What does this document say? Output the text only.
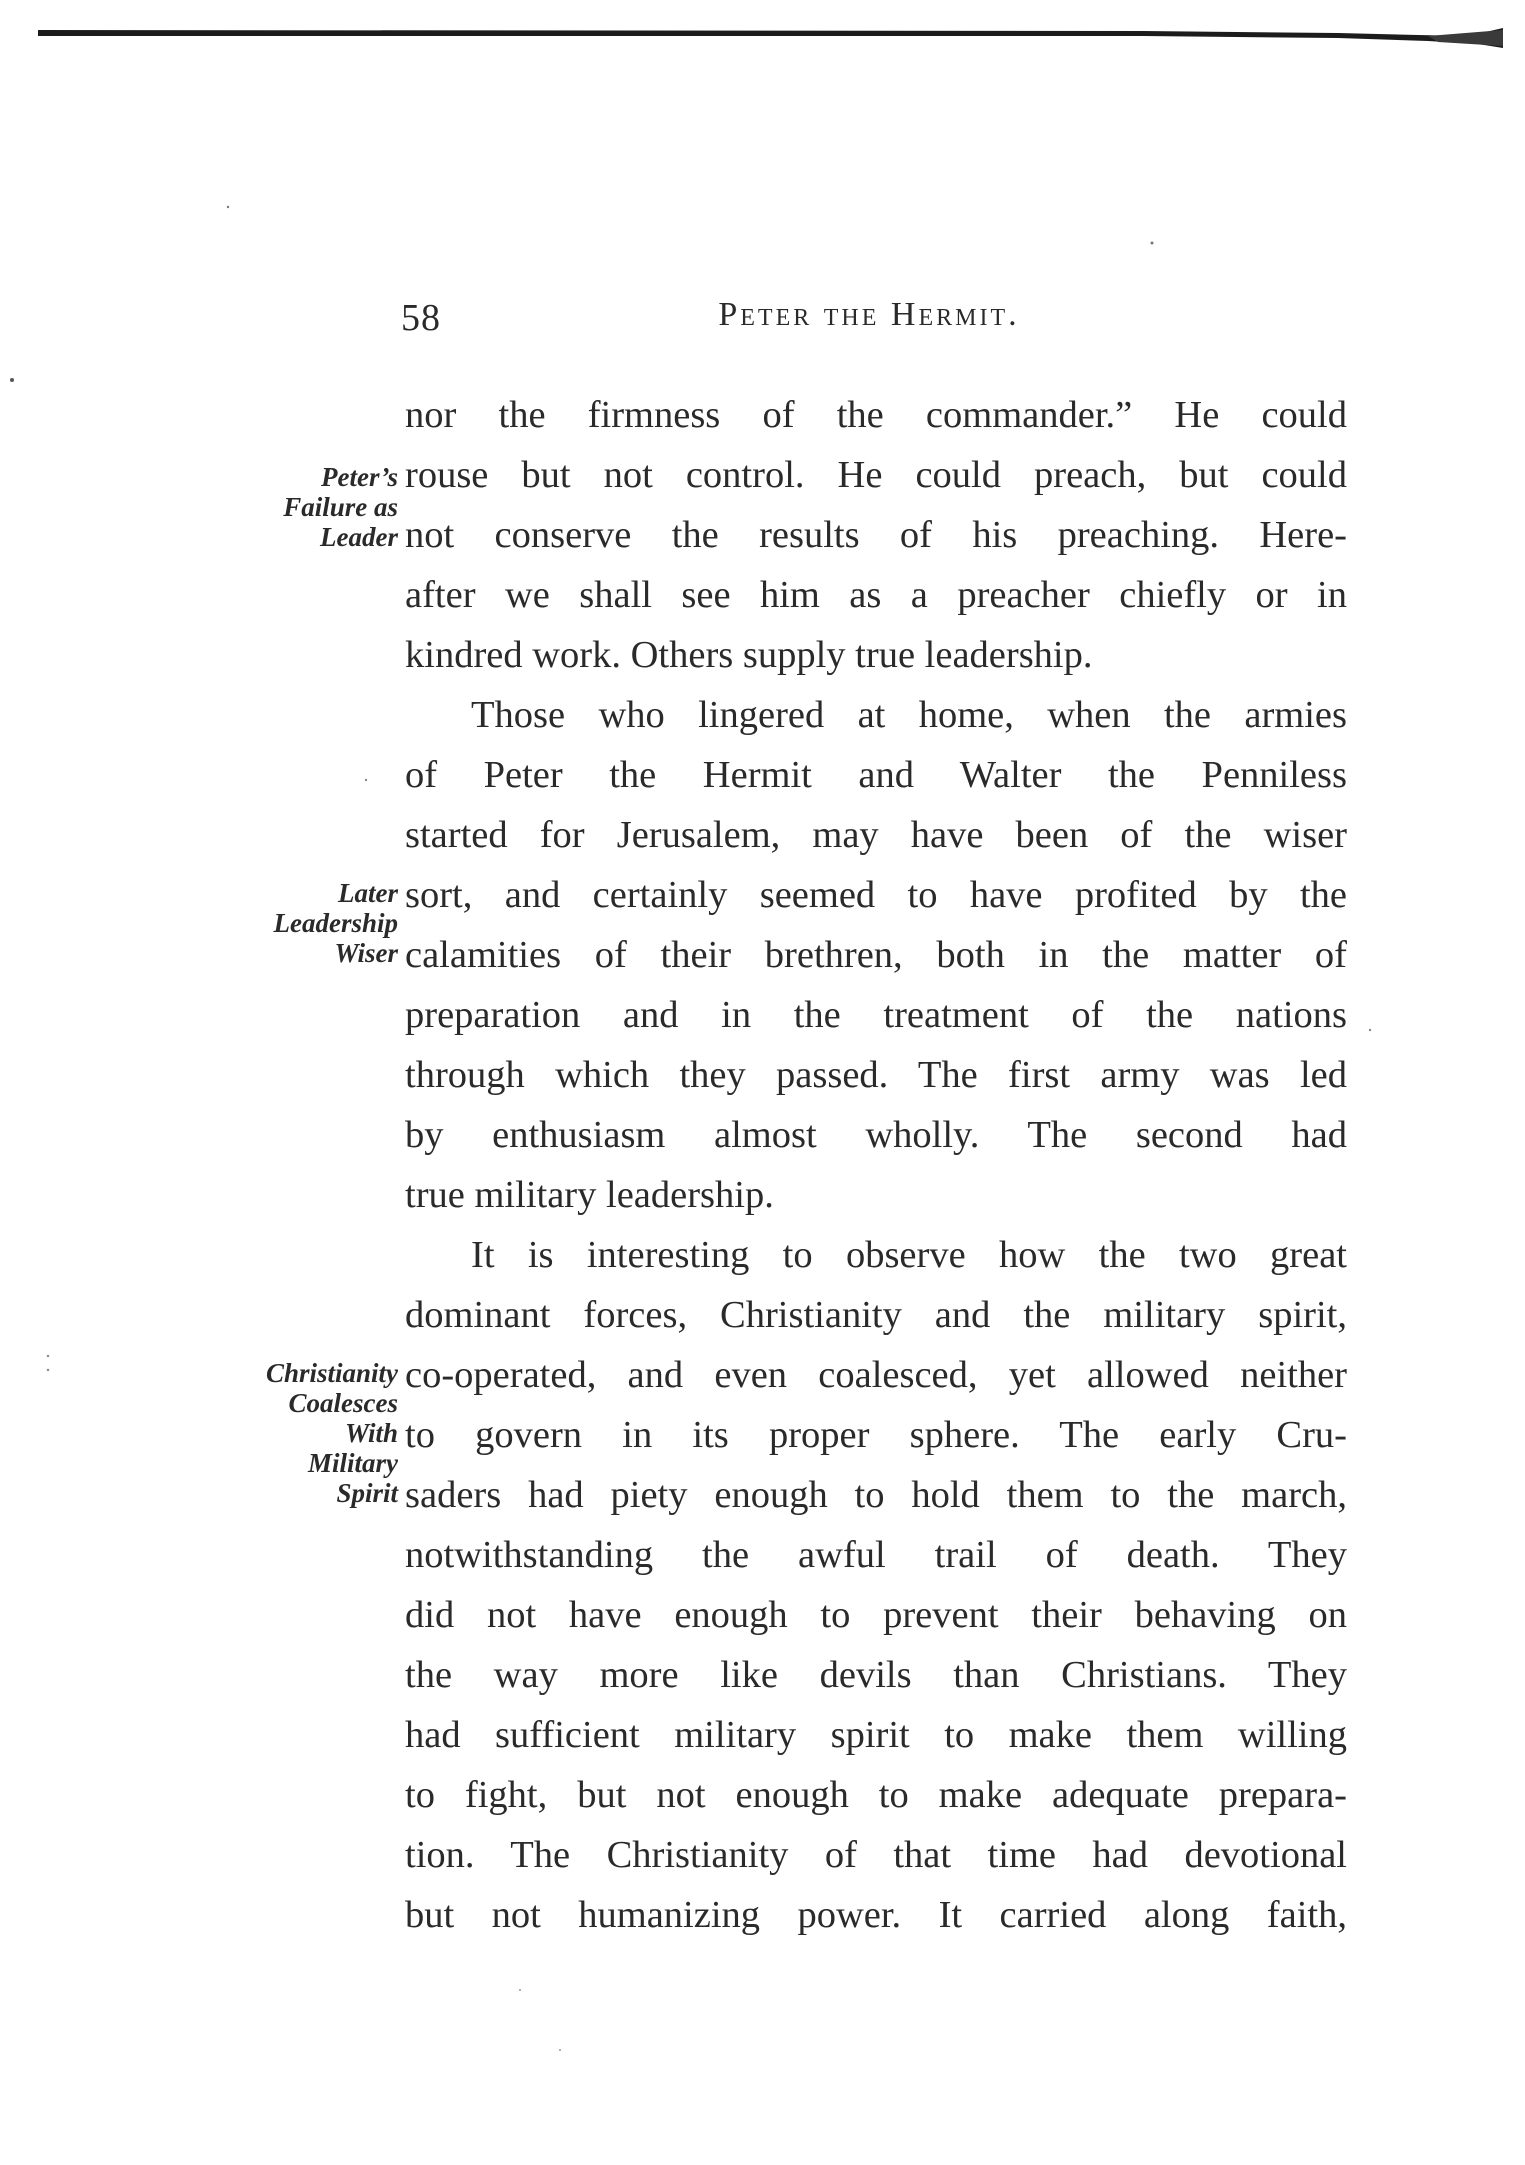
58	Peter the Hermit.
nor the firmness of the commander.” He could
rouse but not control. He could preach, but could
not conserve the results of his preaching. Here-
after we shall see him as a preacher chiefly or in
kindred work. Others supply true leadership.
Those who lingered at home, when the armies
of Peter the Hermit and Walter the Penniless
started for Jerusalem, may have been of the wiser
sort, and certainly seemed to have profited by the
calamities of their brethren, both in the matter of
preparation and in the treatment of the nations
through which they passed. The first army was led
by enthusiasm almost wholly. The second had
true military leadership.
It is interesting to observe how the two great
dominant forces, Christianity and the military spirit,
co-operated, and even coalesced, yet allowed neither
to govern in its proper sphere. The early Cru-
saders had piety enough to hold them to the march,
notwithstanding the awful trail of death. They
did not have enough to prevent their behaving on
the way more like devils than Christians. They
had sufficient military spirit to make them willing
to fight, but not enough to make adequate prepara-
tion. The Christianity of that time had devotional
but not humanizing power. It carried along faith,
Peter’s
Failure as
Leader
Later
Leadership
Wiser
Christianity
Coalesces
With
Military
Spirit
